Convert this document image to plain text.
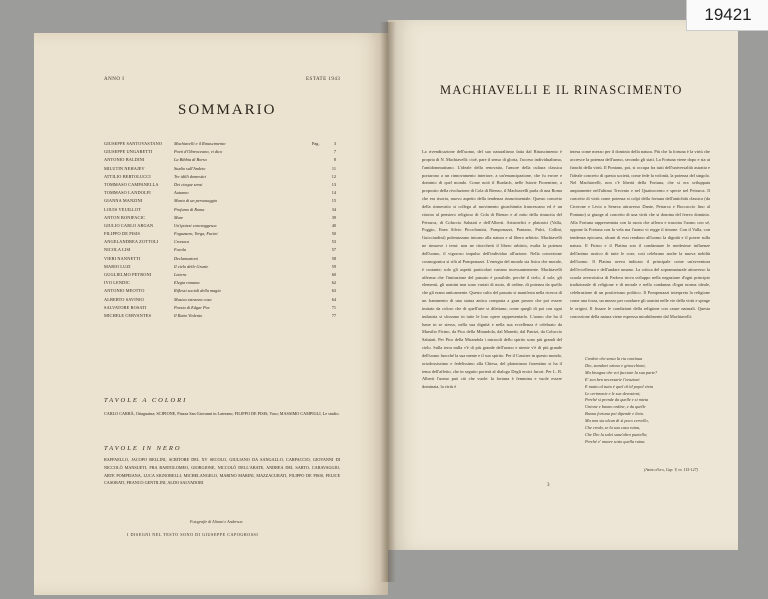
19421
ANNO I	ESTATE 1943
SOMMARIO
GIUSEPPE SANTOVASTANO	Machiavelli e il Rinascimento	Pag.	3
GIUSEPPE UNGARETTI	Poeti d'Oltreoceano, vi dico	7
ANTONIO BALDINI	La Bibbia di Borso	8
MILUTIN NEHAJEV	Studio sull'Amleto	11
ATTILIO BERTOLUCCI	Tre idilli domestici	12
TOMMASO CAMPANELLA	Dei cinque sensi	13
TOMMASO LANDOLFI	Autunno	14
GIANNA MANZINI	Marta di un personaggio	15
LOUIS VEUILLOT	Profumo di Roma	34
ANTON BONIFACIC	Mare	39
GIULIO CARLO ARGAN	Un'ipotesi caravaggesca	40
FILIPPO DE PISIS	Fogazzaro, Verga, Fucini	50
ANGELANDREA ZOTTOLI	Cronaca	53
NICOLA LISI	Favola	57
VIERI NANNETTI	Declamazioni	58
MARIO LUZI	Il cielo delle Grazie	59
GUGLIELMO PETRONI	Lettera	60
IVO LENDIC	Elegia romana	62
ANTONIO MEOTTO	Riflessi sociali della magia	63
ALBERTO SAVINIO	Musica estranea cosa	64
SALVATORE ROSATI	Poesia di Edgar Poe	71
MICHELE CERVANTES	Il Ratto Violento	77
TAVOLE A COLORI
CARLO CARRÀ, Ottaguaina; SCIPIONE, Piazza San Giovanni in Laterano; FILIPPO DE PISIS, Vaso; MASSIMO CAMPIGLI, Le studio.
TAVOLE IN NERO
RAFFAELLO, JACOPO BELLINI, SCRITORE DEL XV SECOLO, GIULIANO DA SANGALLO, CARPACCIO, GIOVANNI DI NICCOLÒ MANSUETI, FRA BARTOLOMEO, GIORGIONE, NICCOLÒ DELL'ABATE, ANDREA DEL SARTO, CARAVAGGIO, ARTE POMPEIANA, LUCA SIGNORELLI, MICHELANGELO, MARINO MARINI, MAZZACURATI, FILIPPO DE PISIS, FELICE CASORATI, FRANCO GENTILINI, ALDO SALVADORI
Fotografie di Alinari e Anderson
I DISEGNI NEL TESTO SONO DI GIUSEPPE CAPOGROSSI
MACHIAVELLI E IL RINASCIMENTO
La rivendicazione dell'uomo, del suo naturalismo fatta dal Rinascimento è propria di N. Machiavelli: cioè, pare il senso di gloria, l'acceso individualismo, l'antidommatismo. L'ideale della renovatio, l'amore della cultura classica portarono a un rinnovamento interiore, a un'emancipazione, che fu errore e dominio di quel mondo. Come notò il Burdach, nelle Istorie Fiorentine, a proposito della rivoluzione di Cola di Rienzo, il Machiavelli parla di una Roma che era risorta, nuovo aspetto della tendenza rinascimentale. Questo concetto della rinnovatio si collega al movimento gioachimita francescano ed è un ritorno al pensiero religioso di Cola di Rienzo e al mito della rinascita del Petrarca, di Coluccio Salutati e dell'Alberti. Aristotelici e platonici (Valla, Poggio, Enea Silvio Piccolomini, Pomponazzi, Pontano, Pulci, Collini, Guicciardini) polemizzano intorno alla natura e al libero arbitrio. Machiavelli ne rimuove i temi: non ne ritoccherà il libero arbitrio, esalta la potenza dell'uomo, il vigoroso impulso dell'individuo all'azione. Nella concezione cosmogonica si rifà al Pomponazzi. L'energia del mondo sia fisica che morale, è costante; solo gli aspetti particolari variano incessantemente. Machiavelli afferma che l'imitazione del passato è possibile, perché il cielo, il sole, gli elementi, gli uomini non sono variati di moto, di ordine, di potenza da quello che gli erano anticamente. Questo culto del passato si manifesta nella ricerca di un frammento di una statua antica comprata a gran prezzo che poi essere imitato da coloro che di quell'arte si dilettano; come quegli di poi con ogni industria si sforzano in tutte le loro opere rappresentarlo. L'uomo che ha il lume in se stesso, nella sua dignità e nella sua eccellenza è celebrato da Marsilio Ficino, da Pico della Mirandola, dal Manetti, dal Patrizi, da Coluccio Salutati. Per Pico della Mirandola i miracoli dello spirito sono più grandi del cielo. Sulla terra nulla v'è di più grande dell'uomo e niente v'è di più grande dell'uomo fuorché la sua mente e il suo spirito. Per il Cassirer in questo mondo, ortodossissimo e fedelissimo alla Chiesa, del platonismo fiorentino si ha il tema dell'affetto, che in seguito porterà al dialogo Degli eroici furori. Per L. B. Alberti l'uomo può ciò che vuole: la fortuna è femmina e vuole essere dominata, la virtù è
intesa come mezzo per il dominio della natura. Più che la fortuna è la virtù che accresce la potenza dell'uomo, secondo gli stati. La Fortuna viene dopo e sta ai fianchi della virtù. Il Pontano, poi, si occupa fra tutti dell'universalità astratta e l'ideale concreto di questa società, come fede la volontà, la potenza del singolo. Nel Machiavelli, non c'è libertà della Fortuna, che si era sviluppata ampiamente nell'ultimo Trecento e nel Quattrocento e specie nel Petrarca. Il concetto di virtù come potenza si colpì della fortuna dell'antichità classica (da Cicerone e Livio a Seneca attraverso Dante, Petrarca e Boccaccio fino al Pontano) si giunge al concetto di una virtù che si domina del ferreo dominio. Alla Fortuna rappresentata con la ruota che afferra e trascina l'uomo con sé, oppone la Fortuna con la vela ma l'uomo vi regge il timone. Con il Valla, con tendenza epicurea, alcuni di essi rendono all'uomo la dignità e il potere sulla natura. Il Ficino e il Platina son il condannare le medesime influenze dell'animo rustico di tutte le cose, così celebrano anche la nuova nobiltà dell'uomo. Il Platina aveva indicato il principale come un'avventura dell'eccellenza e dell'andare umano. La critica del soprannaturale attraverso la scuola averroistica di Padova trova sviluppo nella negazione d'ogni principio tradizionale di religione e di morale e nella condanna d'ogni norma ideale, celebrazione di un positivismo politico. Il Pomponazzi interpreta la religione come una forza, un mezzo per condurre gli uomini nelle vie della virtù e spinge le origini. Il fissare le condizioni della religione con cause naturali. Questa concezione della natura viene espressa mirabilmente dal Machiavelli:
Credete che senta la ria continua
Dio, standovi ozioso e ginocchioni,
Ma bisogna che voi facciate la sua parte?
E' son ben necessarie l'orazioni
E matto al tutto è quel ch'al popol vieta
Le cerimonie e le sue devozioni;
Perché si prende da quelle e si mieta
Unione e buono ordine, e da quelle
Buona fortuna poi dipende e lieta.
Ma non sia alcun di sì poco cervello,
Che creda, se la sua casa ruina,
Che Dio la salvi sanz'altro puntello;
Perché e' muore sotto quella ruina.
(Asino d'oro, Cap. V, vv. 115-127)
3
